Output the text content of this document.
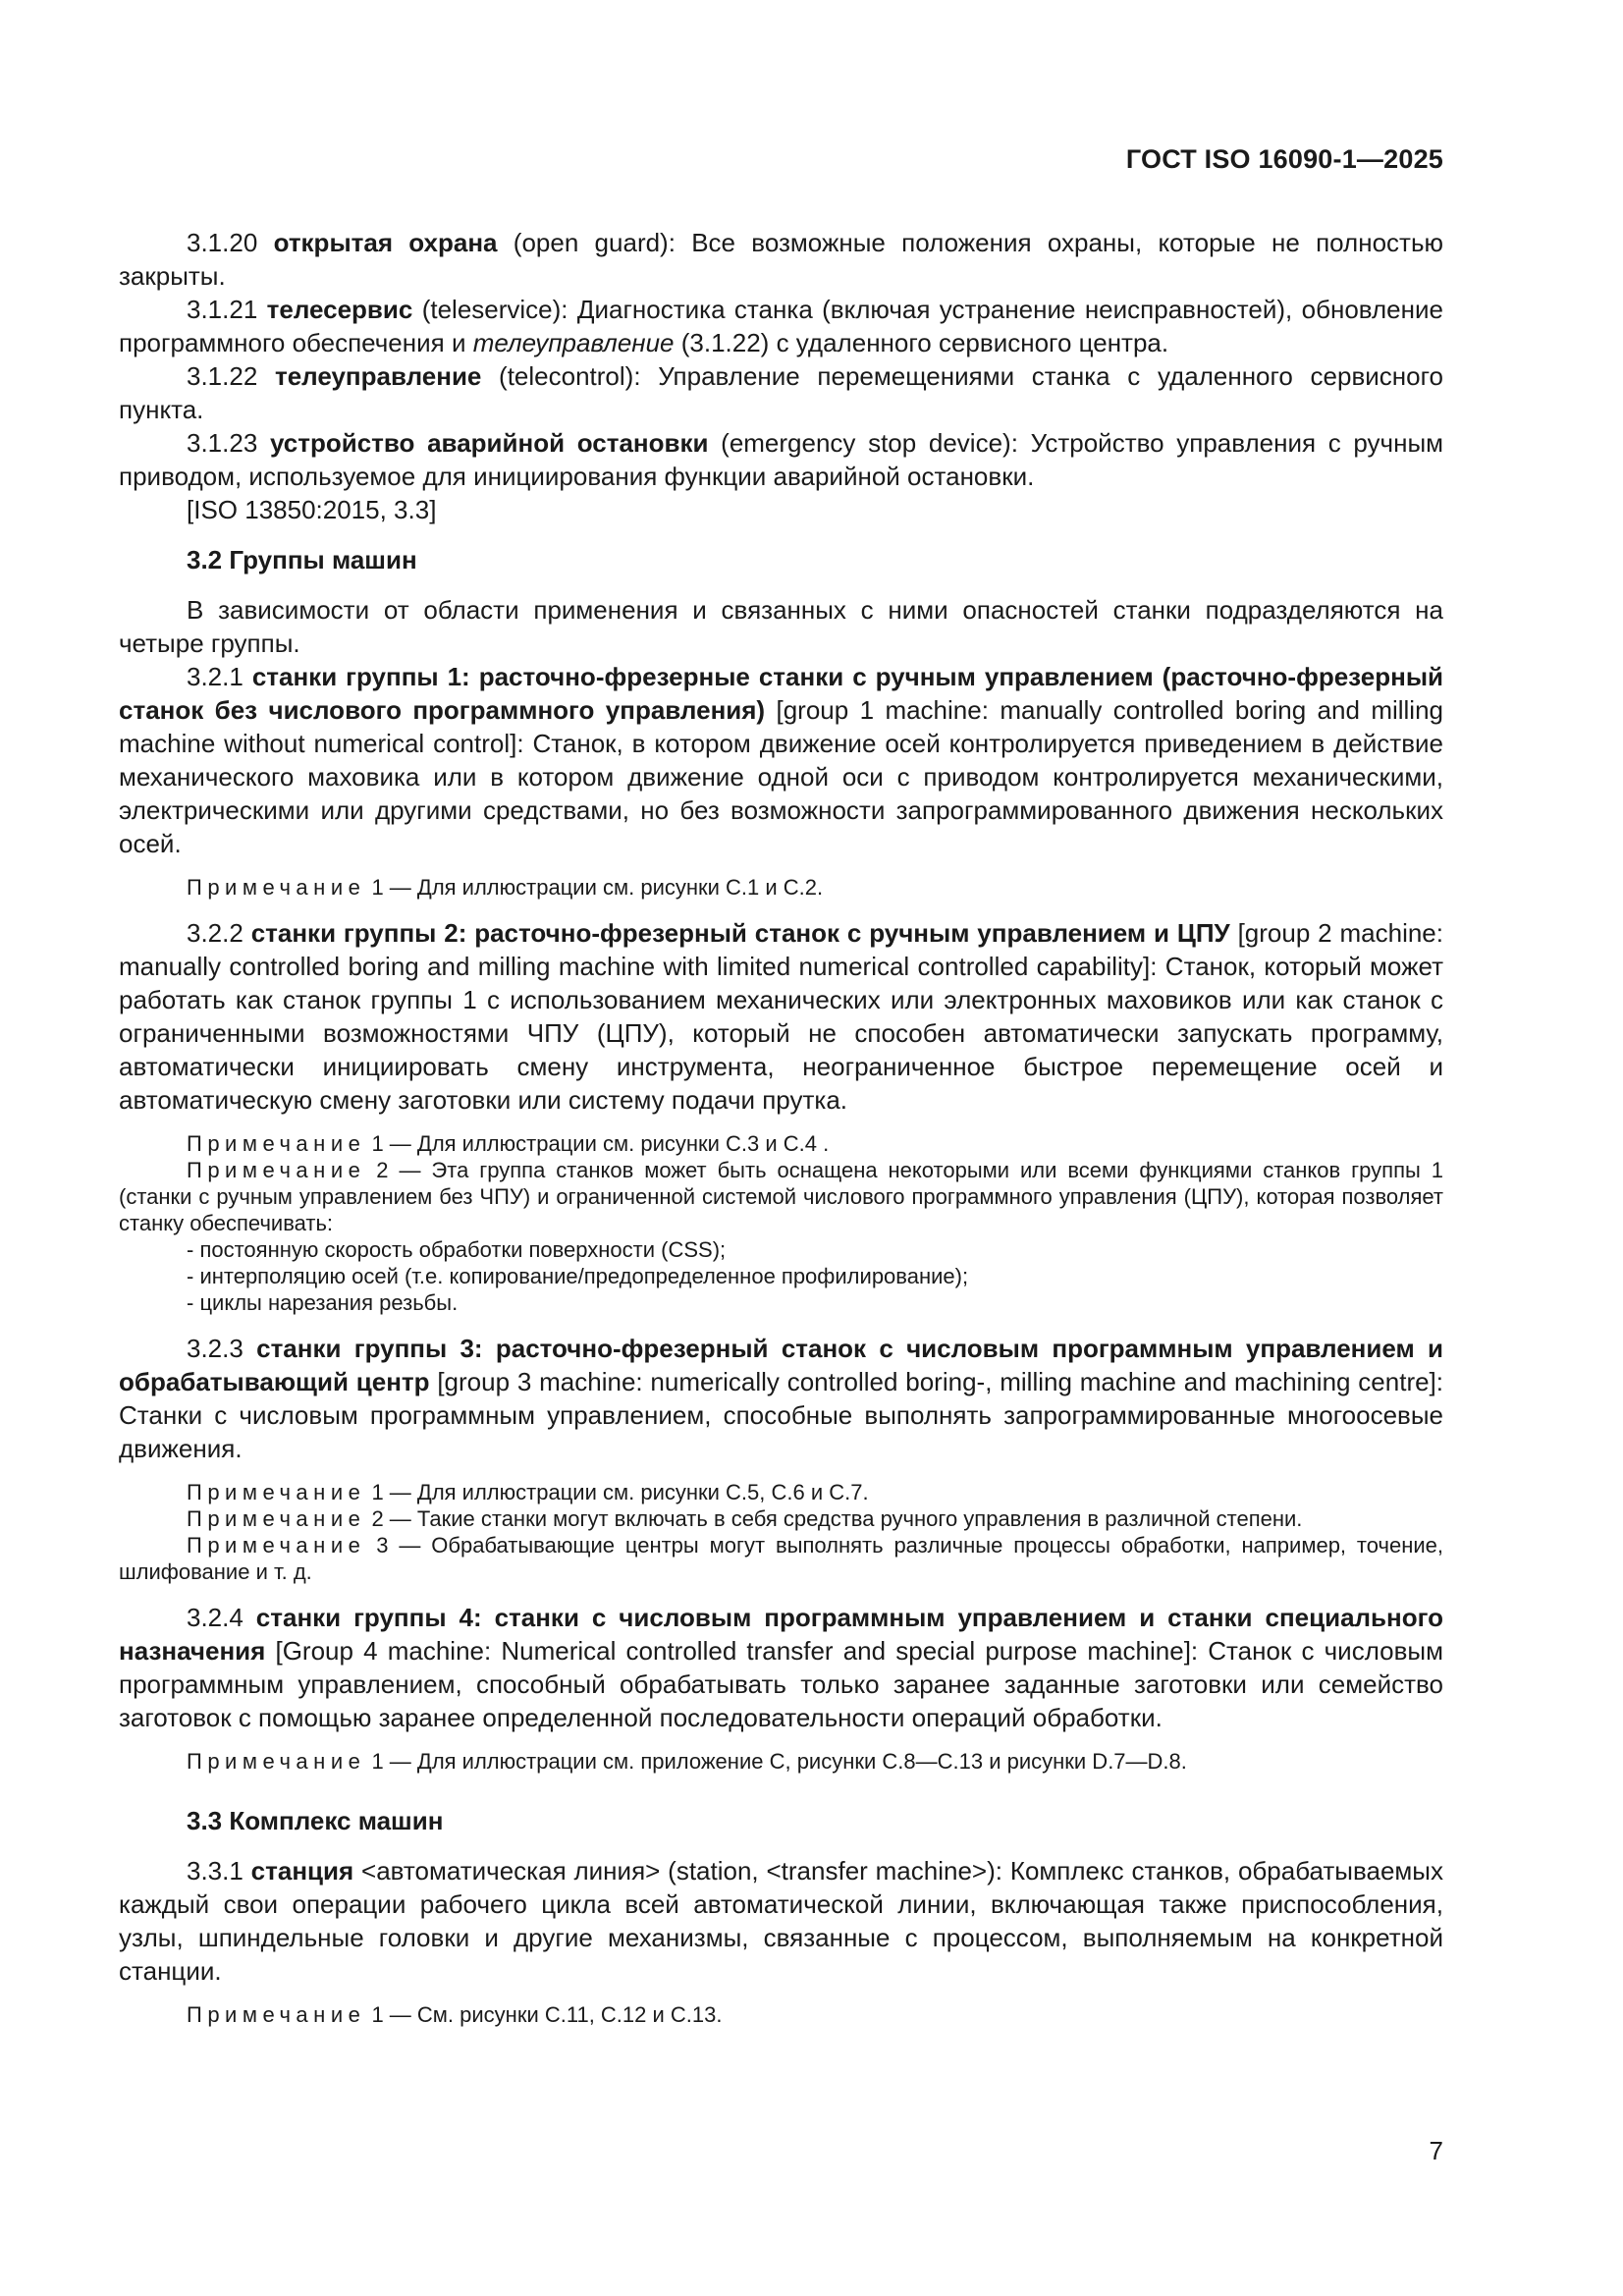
ГОСТ ISO 16090-1—2025

3.1.20 открытая охрана (open guard): Все возможные положения охраны, которые не полностью закрыты.

3.1.21 телесервис (teleservice): Диагностика станка (включая устранение неисправностей), обновление программного обеспечения и телеуправление (3.1.22) с удаленного сервисного центра.

3.1.22 телеуправление (telecontrol): Управление перемещениями станка с удаленного сервисного пункта.

3.1.23 устройство аварийной остановки (emergency stop device): Устройство управления с ручным приводом, используемое для инициирования функции аварийной остановки.

[ISO 13850:2015, 3.3]

3.2 Группы машин

В зависимости от области применения и связанных с ними опасностей станки подразделяются на четыре группы.

3.2.1 станки группы 1: расточно-фрезерные станки с ручным управлением (расточно-фрезерный станок без числового программного управления) [group 1 machine: manually controlled boring and milling machine without numerical control]: Станок, в котором движение осей контролируется приведением в действие механического маховика или в котором движение одной оси с приводом контролируется механическими, электрическими или другими средствами, но без возможности запрограммированного движения нескольких осей.

Примечание 1 — Для иллюстрации см. рисунки С.1 и С.2.

3.2.2 станки группы 2: расточно-фрезерный станок с ручным управлением и ЦПУ [group 2 machine: manually controlled boring and milling machine with limited numerical controlled capability]: Станок, который может работать как станок группы 1 с использованием механических или электронных маховиков или как станок с ограниченными возможностями ЧПУ (ЦПУ), который не способен автоматически запускать программу, автоматически инициировать смену инструмента, неограниченное быстрое перемещение осей и автоматическую смену заготовки или систему подачи прутка.

Примечание 1 — Для иллюстрации см. рисунки С.3 и С.4 .

Примечание 2 — Эта группа станков может быть оснащена некоторыми или всеми функциями станков группы 1 (станки с ручным управлением без ЧПУ) и ограниченной системой числового программного управления (ЦПУ), которая позволяет станку обеспечивать:

- постоянную скорость обработки поверхности (CSS);
- интерполяцию осей (т.е. копирование/предопределенное профилирование);
- циклы нарезания резьбы.

3.2.3 станки группы 3: расточно-фрезерный станок с числовым программным управлением и обрабатывающий центр [group 3 machine: numerically controlled boring-, milling machine and machining centre]: Станки с числовым программным управлением, способные выполнять запрограммированные многоосевые движения.

Примечание 1 — Для иллюстрации см. рисунки С.5, С.6 и С.7.

Примечание 2 — Такие станки могут включать в себя средства ручного управления в различной степени.

Примечание 3 — Обрабатывающие центры могут выполнять различные процессы обработки, например, точение, шлифование и т. д.

3.2.4 станки группы 4: станки с числовым программным управлением и станки специального назначения [Group 4 machine: Numerical controlled transfer and special purpose machine]: Станок с числовым программным управлением, способный обрабатывать только заранее заданные заготовки или семейство заготовок с помощью заранее определенной последовательности операций обработки.

Примечание 1 — Для иллюстрации см. приложение С, рисунки С.8—С.13 и рисунки D.7—D.8.

3.3 Комплекс машин

3.3.1 станция <автоматическая линия> (station, <transfer machine>): Комплекс станков, обрабатываемых каждый свои операции рабочего цикла всей автоматической линии, включающая также приспособления, узлы, шпиндельные головки и другие механизмы, связанные с процессом, выполняемым на конкретной станции.

Примечание 1 — См. рисунки С.11, С.12 и С.13.

7
